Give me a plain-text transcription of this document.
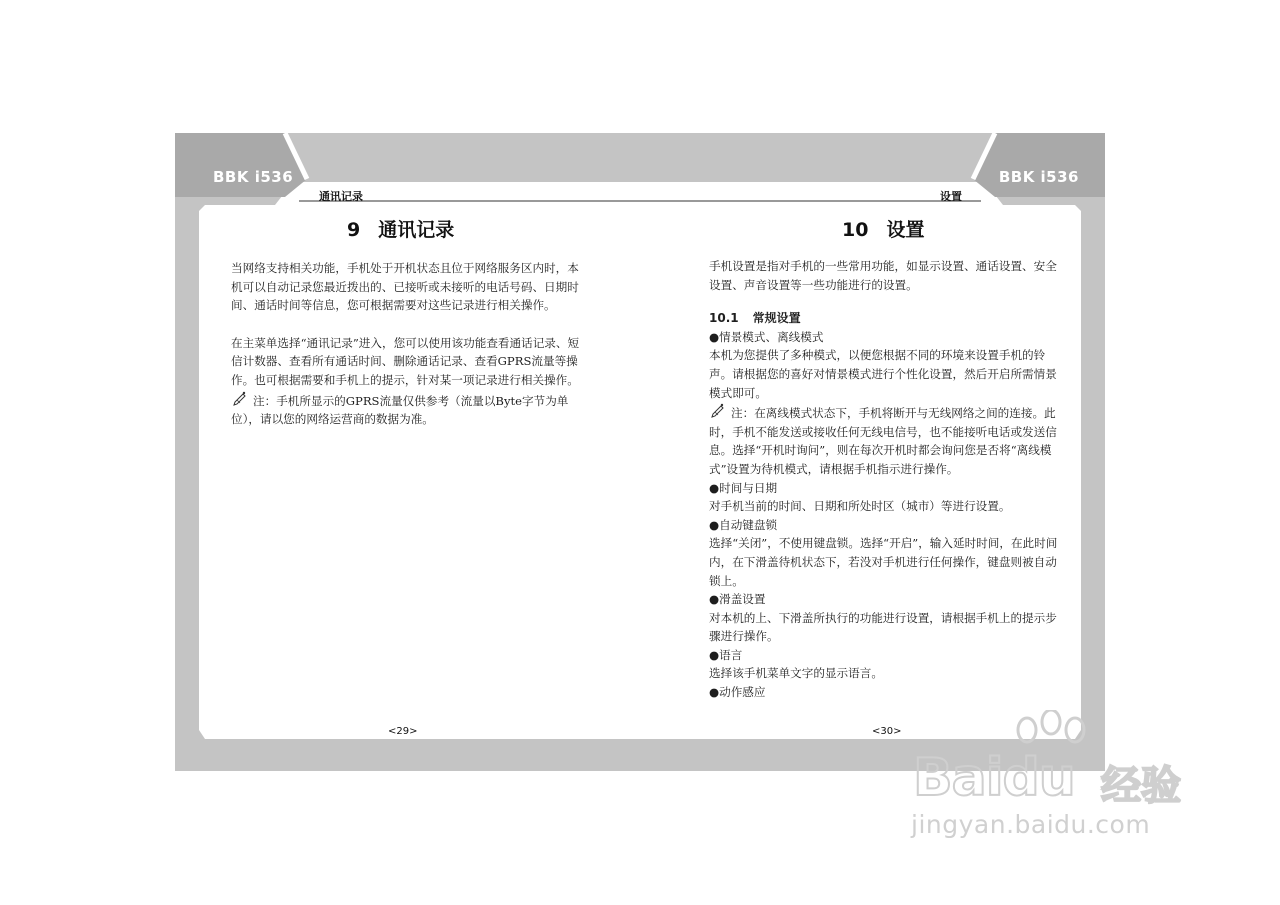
BBK i536	BBK i536
通讯记录	设置
9 通讯记录

当网络支持相关功能，手机处于开机状态且位于网络服务区内时，本机可以自动记录您最近拨出的、已接听或未接听的电话号码、日期时间、通话时间等信息，您可根据需要对这些记录进行相关操作。

在主菜单选择“通讯记录”进入，您可以使用该功能查看通话记录、短信计数器、查看所有通话时间、删除通话记录、查看GPRS流量等操作。也可根据需要和手机上的提示，针对某一项记录进行相关操作。

注：手机所显示的GPRS流量仅供参考（流量以Byte字节为单位），请以您的网络运营商的数据为准。

<29>
10 设置

手机设置是指对手机的一些常用功能，如显示设置、通话设置、安全设置、声音设置等一些功能进行的设置。

10.1 常规设置

●情景模式、离线模式

本机为您提供了多种模式，以便您根据不同的环境来设置手机的铃声。请根据您的喜好对情景模式进行个性化设置，然后开启所需情景模式即可。

注：在离线模式状态下，手机将断开与无线网络之间的连接。此时，手机不能发送或接收任何无线电信号，也不能接听电话或发送信息。选择“开机时询问”，则在每次开机时都会询问您是否将“离线模式”设置为待机模式，请根据手机指示进行操作。

●时间与日期

对手机当前的时间、日期和所处时区（城市）等进行设置。

●自动键盘锁

选择“关闭”，不使用键盘锁。选择“开启”，输入延时时间，在此时间内，在下滑盖待机状态下，若没对手机进行任何操作，键盘则被自动锁上。

●滑盖设置

对本机的上、下滑盖所执行的功能进行设置，请根据手机上的提示步骤进行操作。

●语言

选择该手机菜单文字的显示语言。

●动作感应

<30>
Baidu 经验
jingyan.baidu.com
